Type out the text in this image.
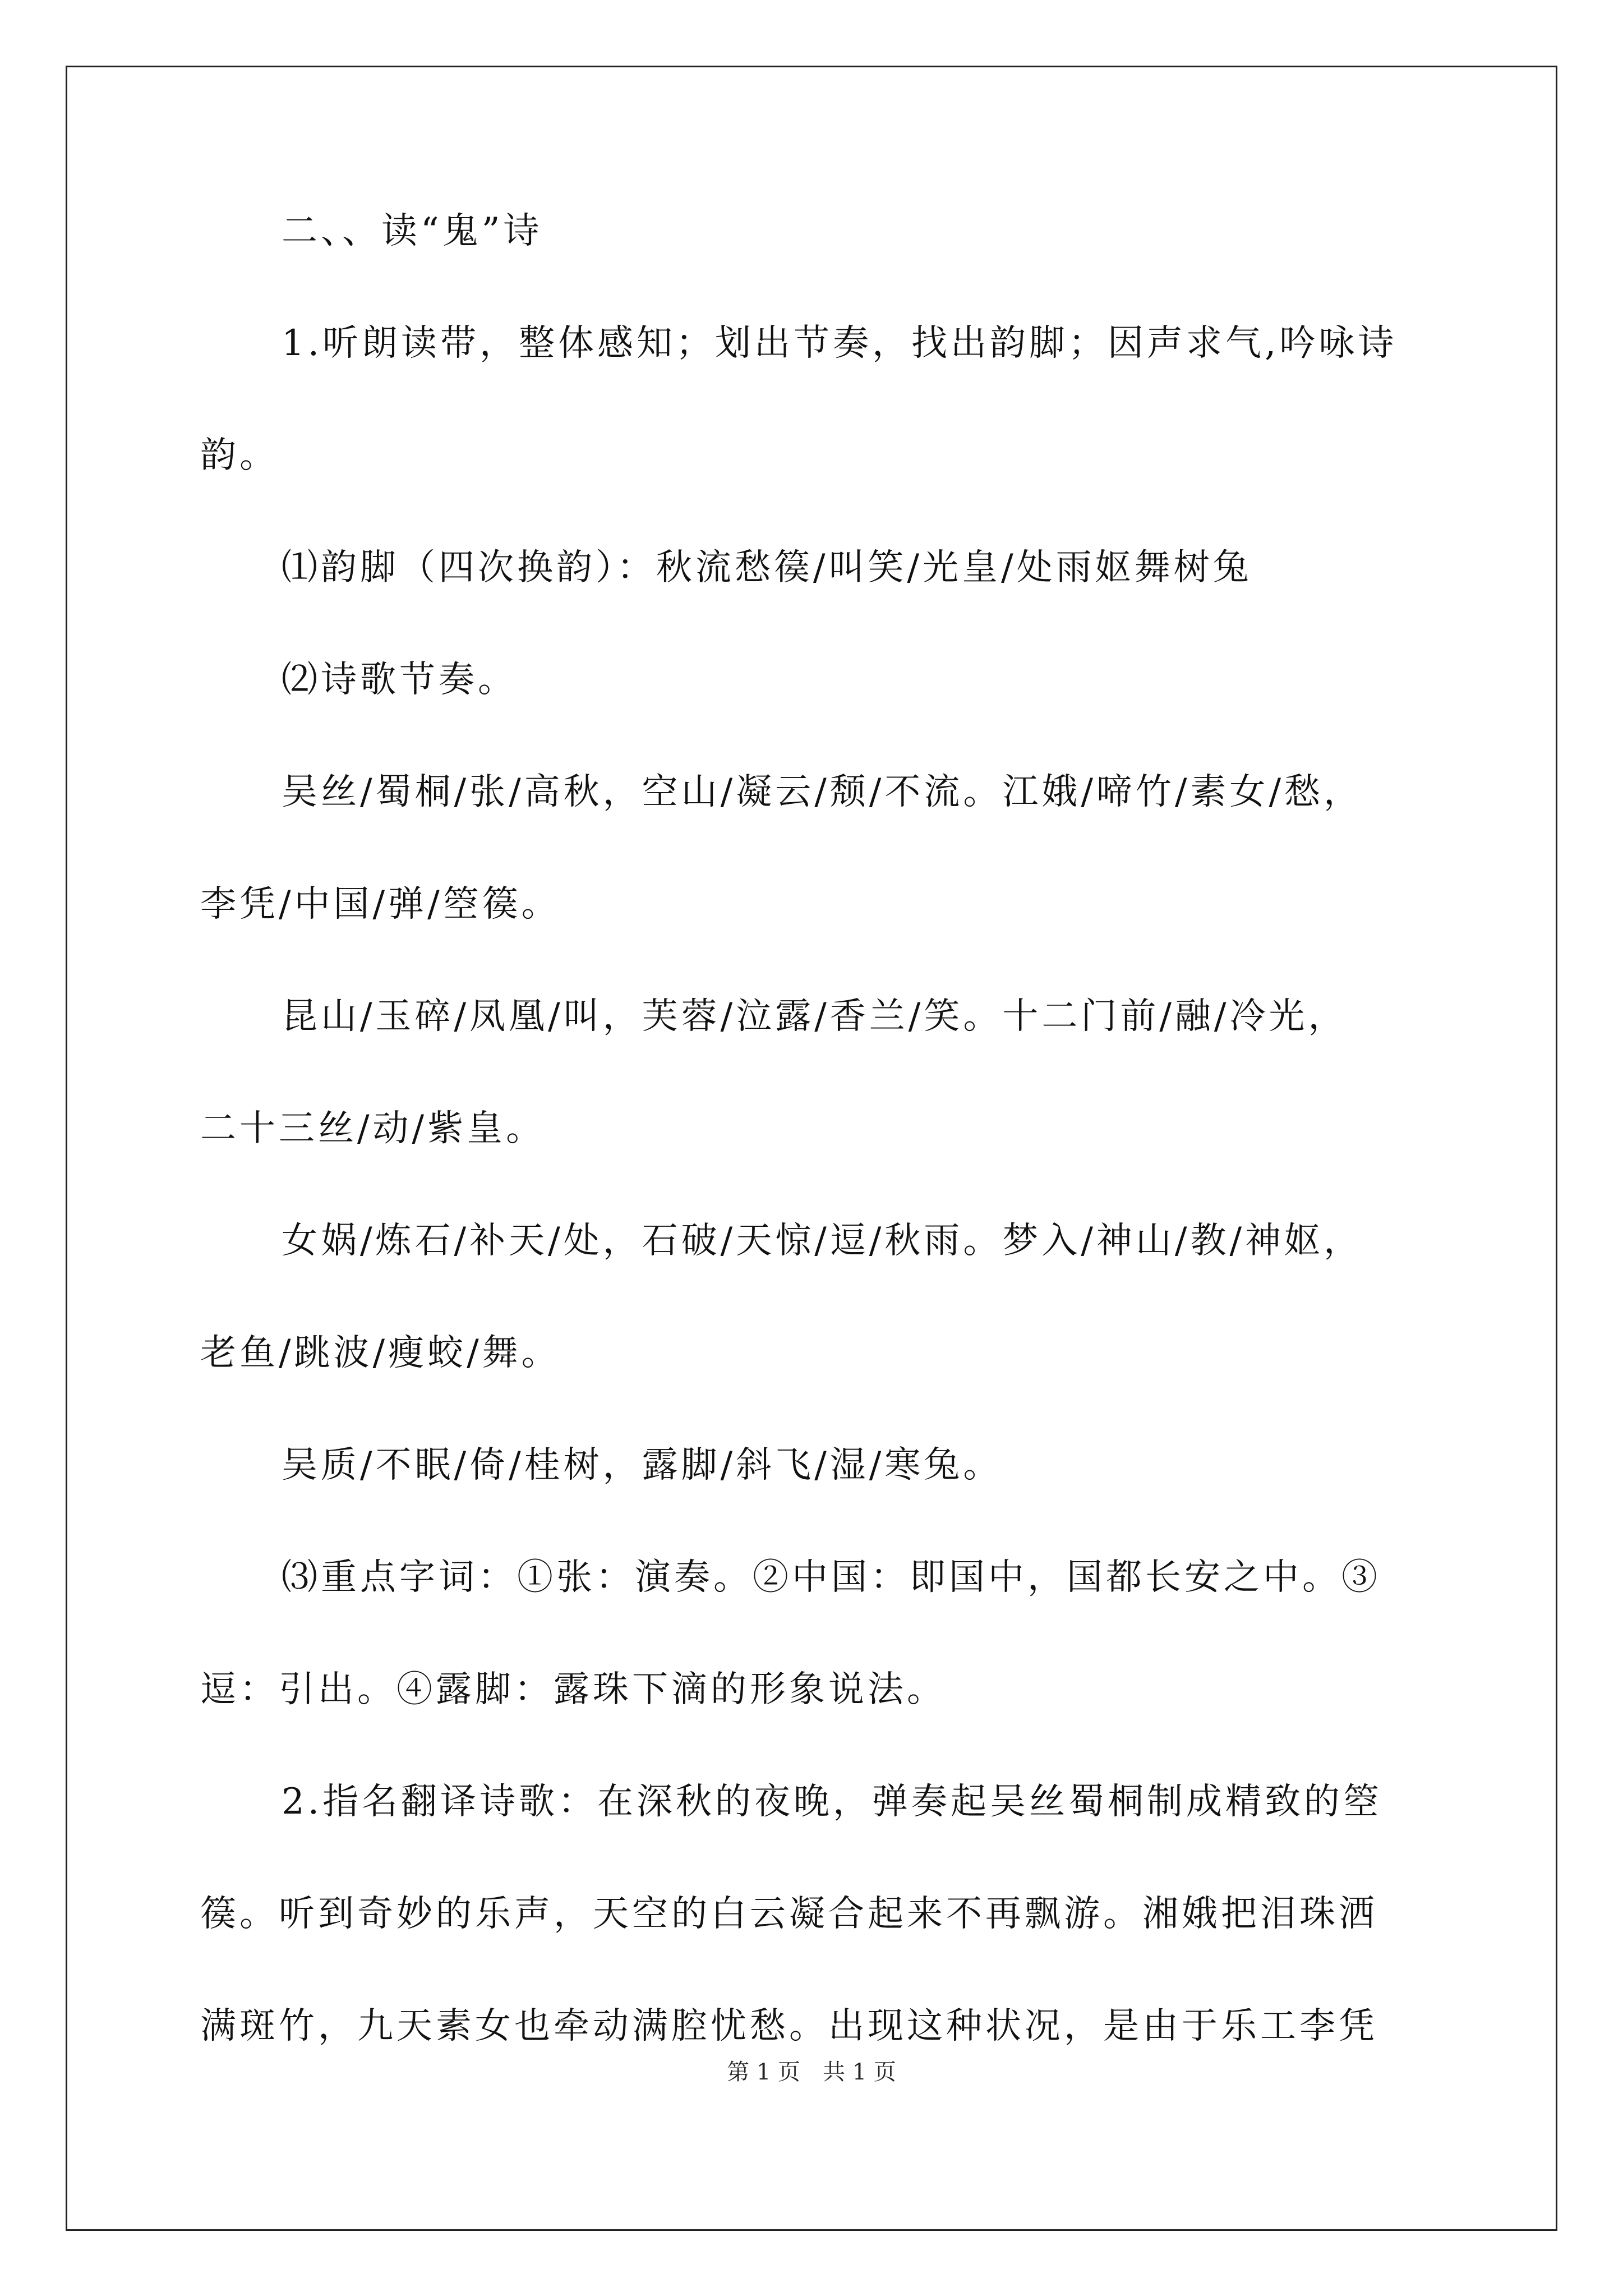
二、、读“鬼”诗
1.听朗读带，整体感知；划出节奏，找出韵脚；因声求气,吟咏诗
韵。
⑴韵脚（四次换韵）：秋流愁篌/叫笑/光皇/处雨妪舞树兔
⑵诗歌节奏。
吴丝/蜀桐/张/高秋，空山/凝云/颓/不流。江娥/啼竹/素女/愁，
李凭/中国/弹/箜篌。
昆山/玉碎/凤凰/叫，芙蓉/泣露/香兰/笑。十二门前/融/冷光，
二十三丝/动/紫皇。
女娲/炼石/补天/处，石破/天惊/逗/秋雨。梦入/神山/教/神妪，
老鱼/跳波/瘦蛟/舞。
吴质/不眠/倚/桂树，露脚/斜飞/湿/寒兔。
⑶重点字词：①张：演奏。②中国：即国中，国都长安之中。③
逗：引出。④露脚：露珠下滴的形象说法。
2.指名翻译诗歌：在深秋的夜晚，弹奏起吴丝蜀桐制成精致的箜
篌。听到奇妙的乐声，天空的白云凝合起来不再飘游。湘娥把泪珠洒
满斑竹，九天素女也牵动满腔忧愁。出现这种状况，是由于乐工李凭
第 1 页　共 1 页
